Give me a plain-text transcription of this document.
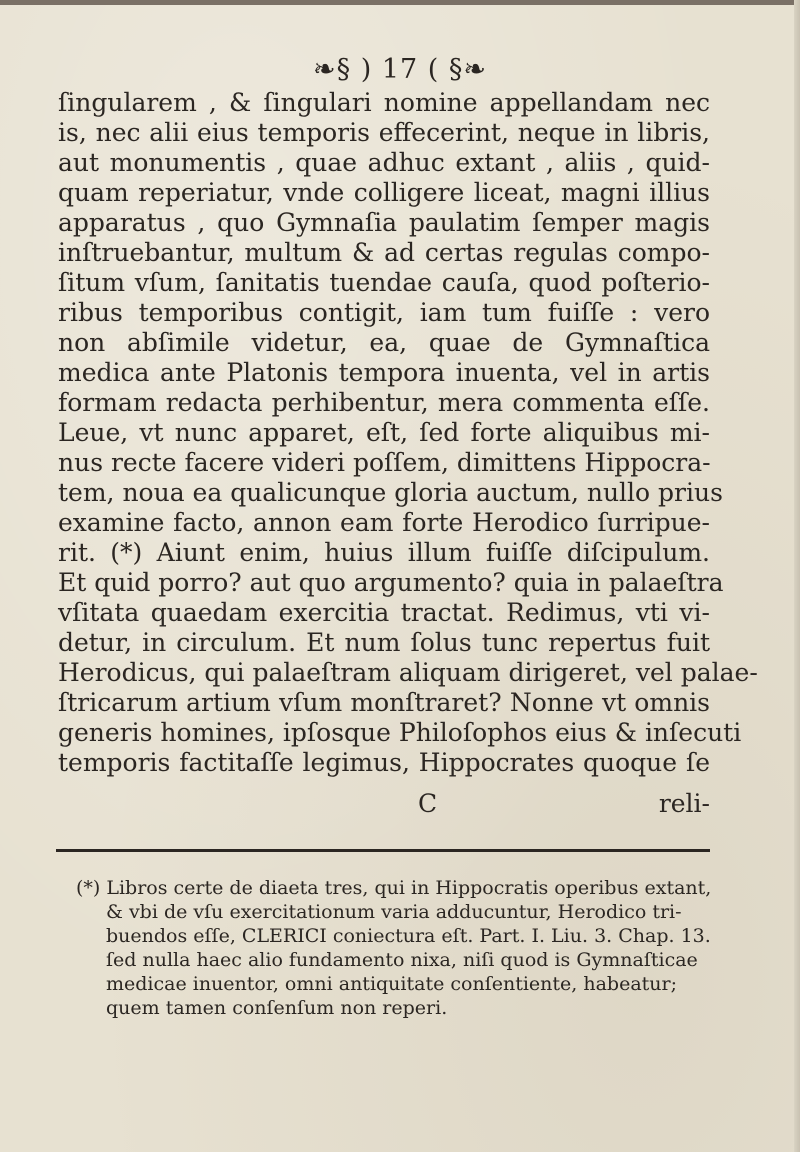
❧§ ) 17 ( §❧
ſingularem , & ſingulari nomine appellandam nec
is, nec alii eius temporis effecerint, neque in libris,
aut monumentis , quae adhuc extant , aliis , quid-
quam reperiatur, vnde colligere liceat, magni illius
apparatus , quo Gymnaſia paulatim ſemper magis
inſtruebantur, multum & ad certas regulas compo-
ſitum vſum, ſanitatis tuendae cauſa, quod poſterio-
ribus temporibus contigit, iam tum fuiſſe : vero
non abſimile videtur, ea, quae de Gymnaſtica
medica ante Platonis tempora inuenta, vel in artis
formam redacta perhibentur, mera commenta eſſe.
Leue, vt nunc apparet, eſt, ſed forte aliquibus mi-
nus recte facere videri poſſem, dimittens Hippocra-
tem, noua ea qualicunque gloria auctum, nullo prius
examine facto, annon eam forte Herodico ſurripue-
rit. (*) Aiunt enim, huius illum fuiſſe diſcipulum.
Et quid porro? aut quo argumento? quia in palaeſtra
vſitata quaedam exercitia tractat. Redimus, vti vi-
detur, in circulum. Et num ſolus tunc repertus fuit
Herodicus, qui palaeſtram aliquam dirigeret, vel palae-
ſtricarum artium vſum monſtraret? Nonne vt omnis
generis homines, ipſosque Philoſophos eius & inſecuti
temporis factitaſſe legimus, Hippocrates quoque ſe
C	reli-
(*) Libros certe de diaeta tres, qui in Hippocratis operibus extant,
& vbi de vſu exercitationum varia adducuntur, Herodico tri-
buendos eſſe, CLERICI coniectura eſt. Part. I. Liu. 3. Chap. 13.
ſed nulla haec alio fundamento nixa, niſi quod is Gymnaſticae
medicae inuentor, omni antiquitate conſentiente, habeatur;
quem tamen conſenſum non reperi.
